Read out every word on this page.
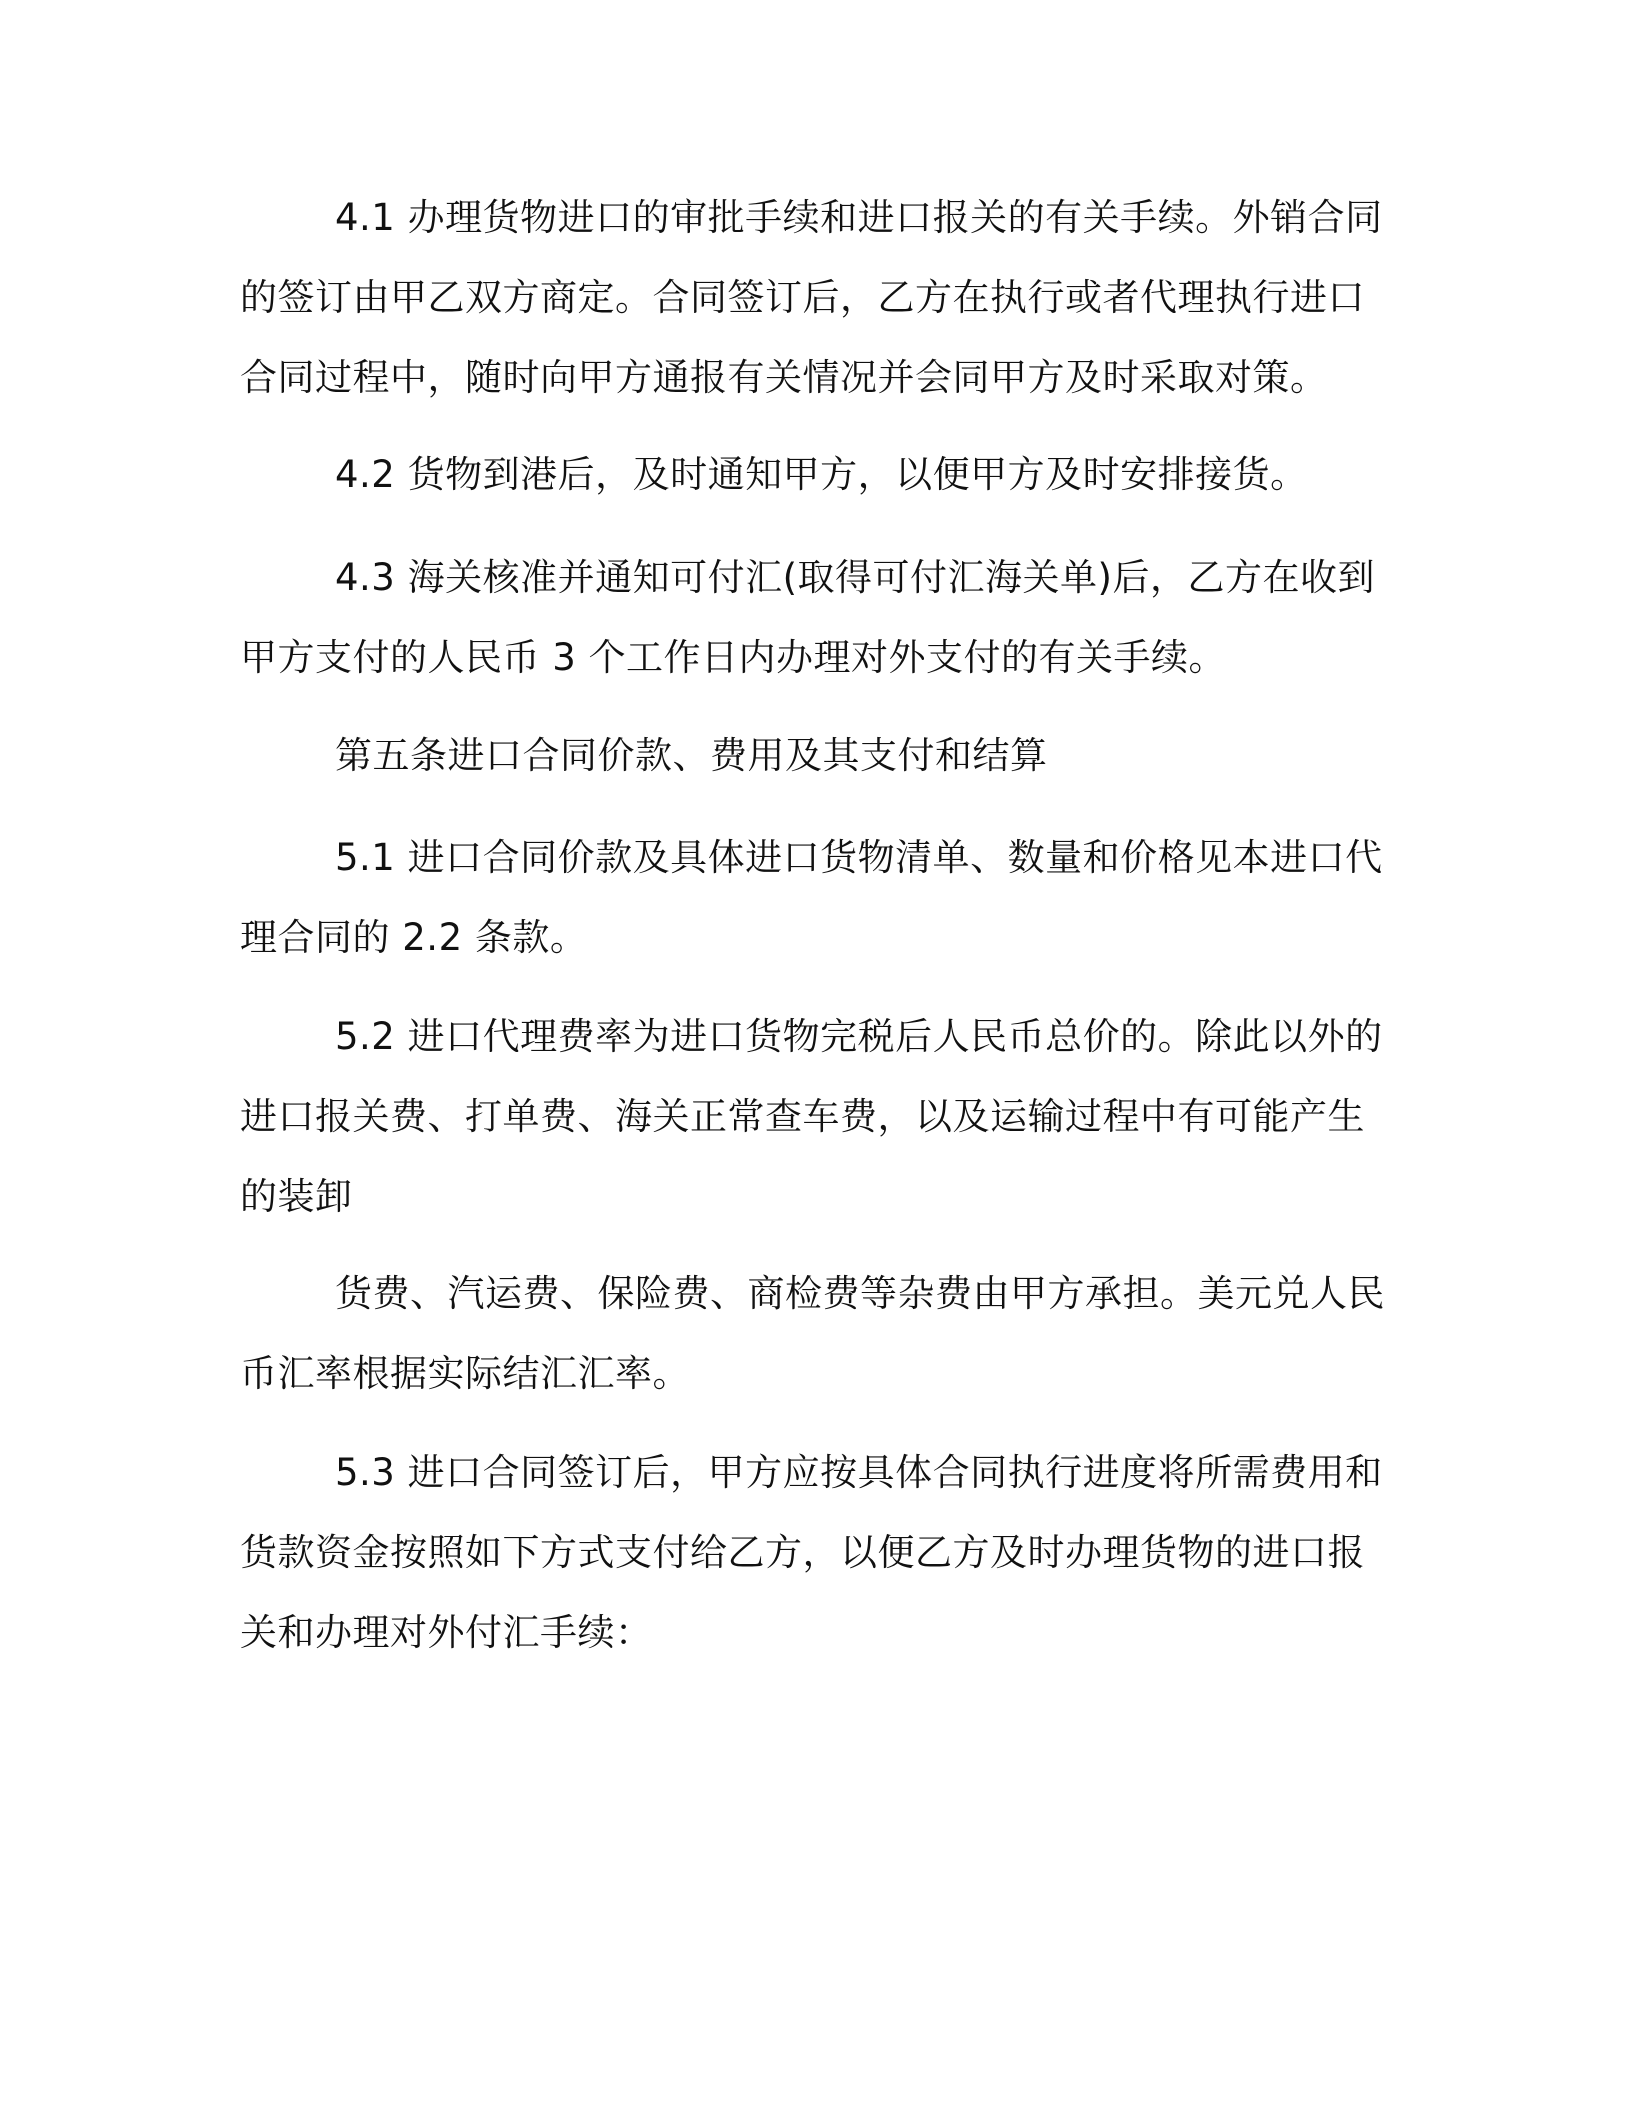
4.1 办理货物进口的审批手续和进口报关的有关手续。外销合同
的签订由甲乙双方商定。合同签订后，乙方在执行或者代理执行进口
合同过程中，随时向甲方通报有关情况并会同甲方及时采取对策。
4.2 货物到港后，及时通知甲方，以便甲方及时安排接货。
4.3 海关核准并通知可付汇(取得可付汇海关单)后，乙方在收到
甲方支付的人民币 3 个工作日内办理对外支付的有关手续。
第五条进口合同价款、费用及其支付和结算
5.1 进口合同价款及具体进口货物清单、数量和价格见本进口代
理合同的 2.2 条款。
5.2 进口代理费率为进口货物完税后人民币总价的。除此以外的
进口报关费、打单费、海关正常查车费，以及运输过程中有可能产生
的装卸
货费、汽运费、保险费、商检费等杂费由甲方承担。美元兑人民
币汇率根据实际结汇汇率。
5.3 进口合同签订后，甲方应按具体合同执行进度将所需费用和
货款资金按照如下方式支付给乙方，以便乙方及时办理货物的进口报
关和办理对外付汇手续：
